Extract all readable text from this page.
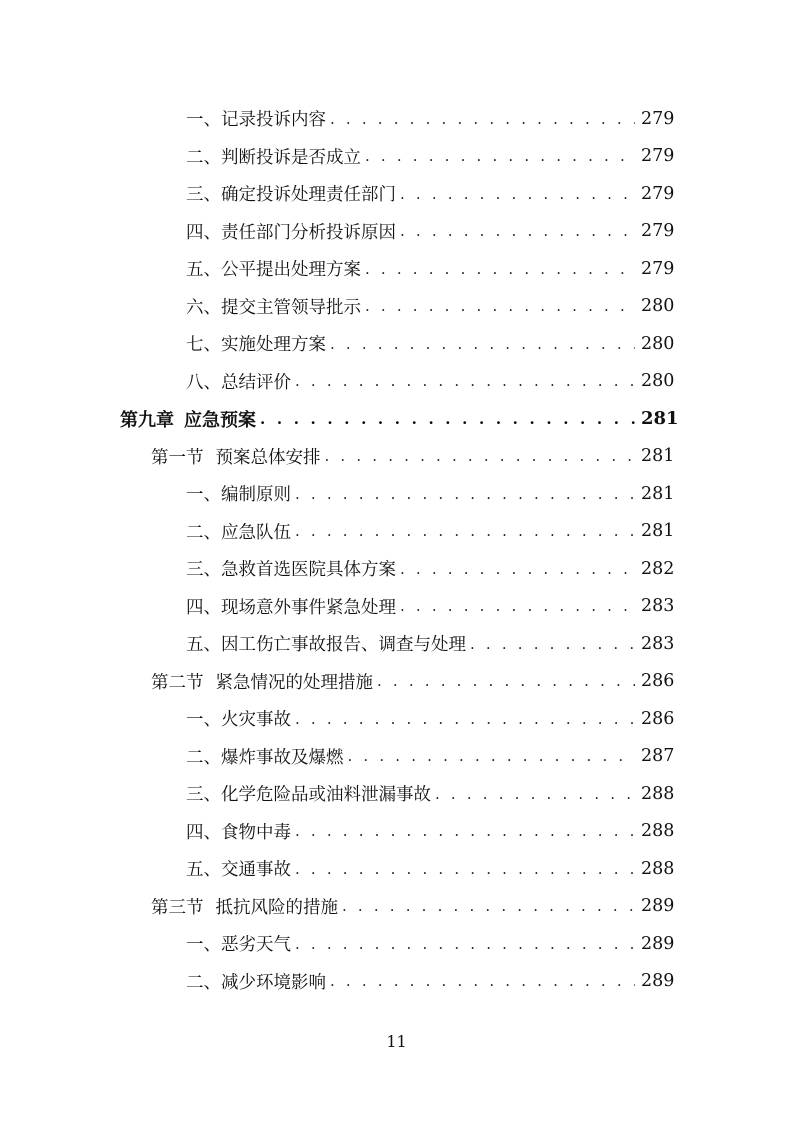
一、记录投诉内容 . . .	279
二、判断投诉是否成立 . . .	279
三、确定投诉处理责任部门 . . .	279
四、责任部门分析投诉原因 . . .	279
五、公平提出处理方案 . . .	279
六、提交主管领导批示 . . .	280
七、实施处理方案 . . .	280
八、总结评价 . . .	280
第九章 应急预案 . . .	281
第一节 预案总体安排 . . .	281
一、编制原则 . . .	281
二、应急队伍 . . .	281
三、急救首选医院具体方案 . . .	282
四、现场意外事件紧急处理 . . .	283
五、因工伤亡事故报告、调查与处理 . . .	283
第二节 紧急情况的处理措施 . . .	286
一、火灾事故 . . .	286
二、爆炸事故及爆燃 . . .	287
三、化学危险品或油料泄漏事故 . . .	288
四、食物中毒 . . .	288
五、交通事故 . . .	288
第三节 抵抗风险的措施 . . .	289
一、恶劣天气 . . .	289
二、减少环境影响 . . .	289
11
